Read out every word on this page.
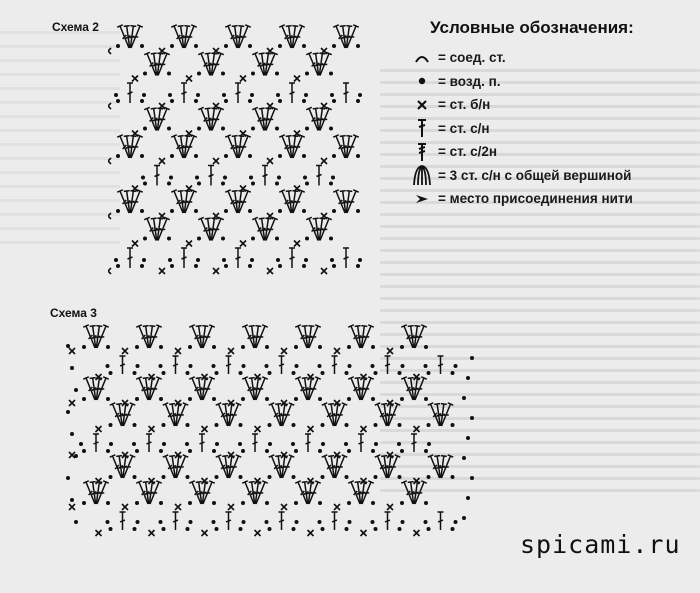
Схема 2
Схема 3
Условные обозначения:
= соед. ст.
= возд. п.
= ст. б/н
= ст. с/н
= ст. с/2н
= 3 ст. с/н с общей вершиной
= место присоединения нити
spicami.ru
